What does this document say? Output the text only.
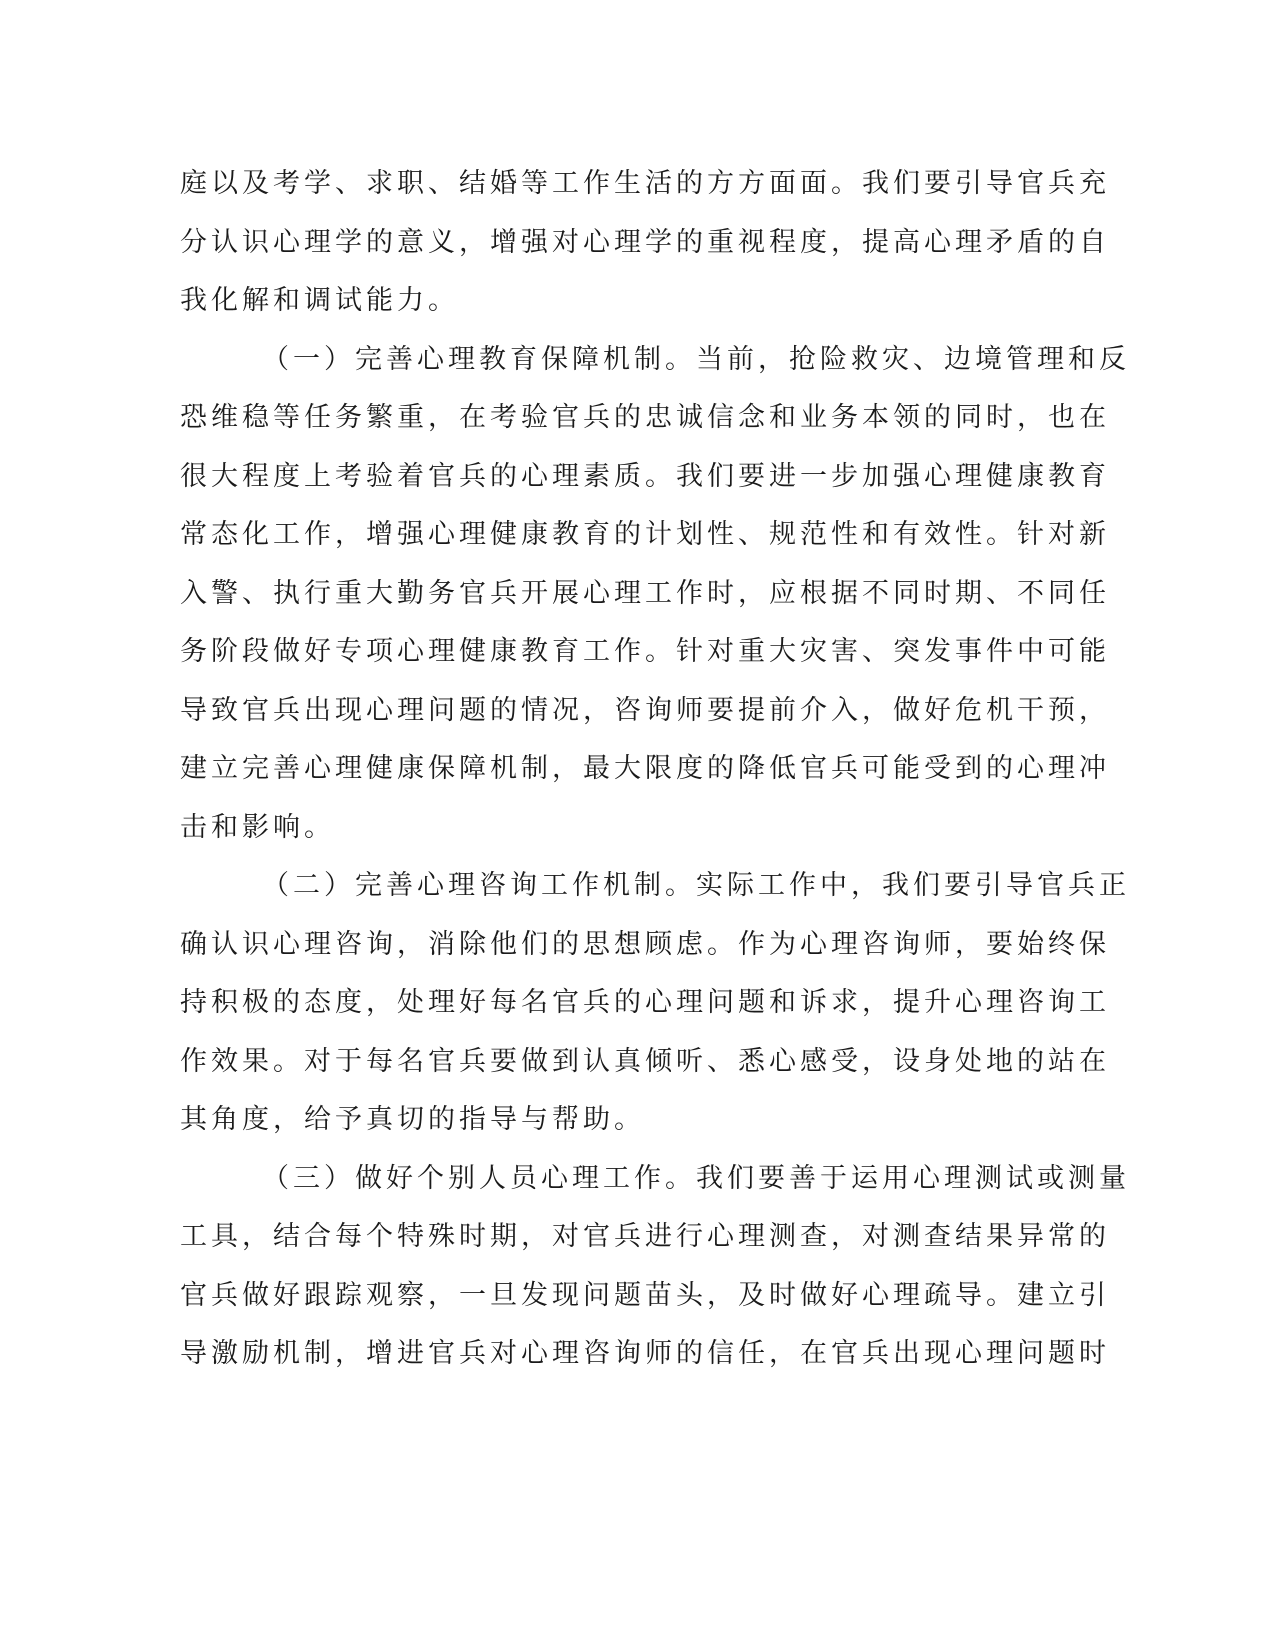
庭以及考学、求职、结婚等工作生活的方方面面。我们要引导官兵充
分认识心理学的意义，增强对心理学的重视程度，提高心理矛盾的自
我化解和调试能力。
（一）完善心理教育保障机制。当前，抢险救灾、边境管理和反
恐维稳等任务繁重，在考验官兵的忠诚信念和业务本领的同时，也在
很大程度上考验着官兵的心理素质。我们要进一步加强心理健康教育
常态化工作，增强心理健康教育的计划性、规范性和有效性。针对新
入警、执行重大勤务官兵开展心理工作时，应根据不同时期、不同任
务阶段做好专项心理健康教育工作。针对重大灾害、突发事件中可能
导致官兵出现心理问题的情况，咨询师要提前介入，做好危机干预，
建立完善心理健康保障机制，最大限度的降低官兵可能受到的心理冲
击和影响。
（二）完善心理咨询工作机制。实际工作中，我们要引导官兵正
确认识心理咨询，消除他们的思想顾虑。作为心理咨询师，要始终保
持积极的态度，处理好每名官兵的心理问题和诉求，提升心理咨询工
作效果。对于每名官兵要做到认真倾听、悉心感受，设身处地的站在
其角度，给予真切的指导与帮助。
（三）做好个别人员心理工作。我们要善于运用心理测试或测量
工具，结合每个特殊时期，对官兵进行心理测查，对测查结果异常的
官兵做好跟踪观察，一旦发现问题苗头，及时做好心理疏导。建立引
导激励机制，增进官兵对心理咨询师的信任，在官兵出现心理问题时
